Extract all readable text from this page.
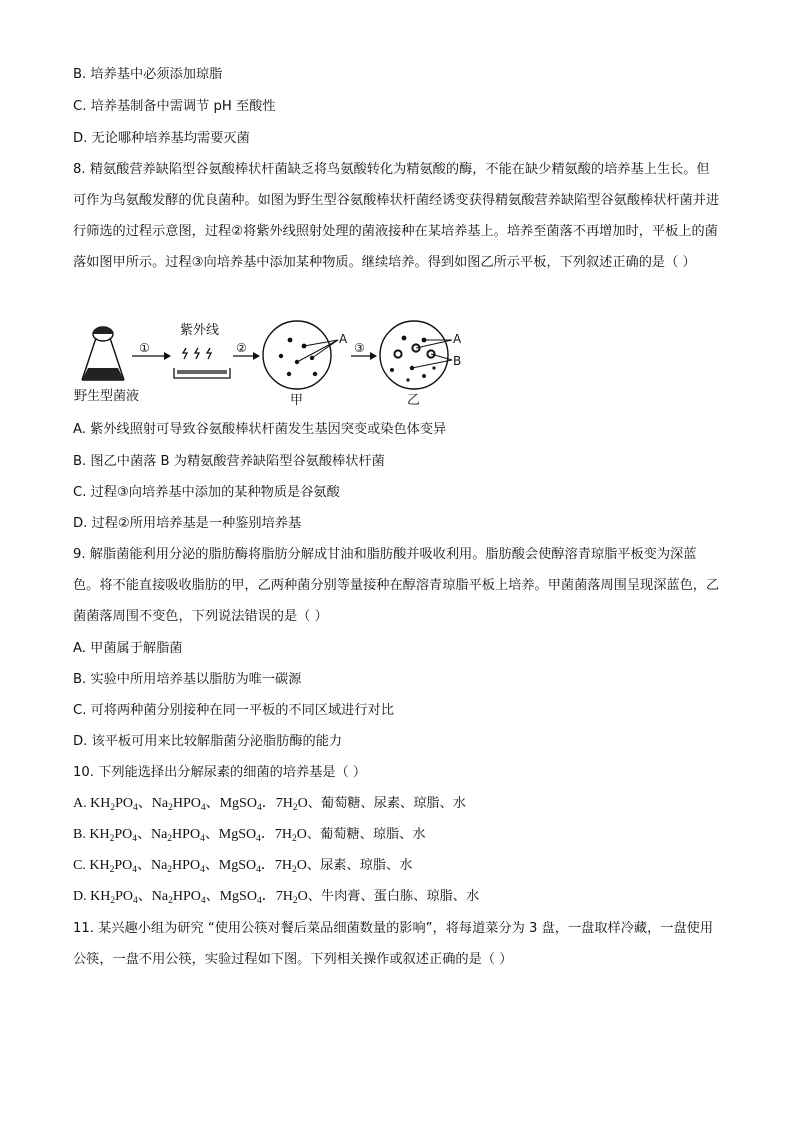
B. 培养基中必须添加琼脂
C. 培养基制备中需调节 pH 至酸性
D. 无论哪种培养基均需要灭菌
8. 精氨酸营养缺陷型谷氨酸棒状杆菌缺乏将鸟氨酸转化为精氨酸的酶，不能在缺少精氨酸的培养基上生长。但可作为鸟氨酸发酵的优良菌种。如图为野生型谷氨酸棒状杆菌经诱变获得精氨酸营养缺陷型谷氨酸棒状杆菌并进行筛选的过程示意图，过程②将紫外线照射处理的菌液接种在某培养基上。培养至菌落不再增加时，平板上的菌落如图甲所示。过程③向培养基中添加某种物质。继续培养。得到如图乙所示平板，下列叙述正确的是（ ）
野生型菌液
①
紫外线
②
A
甲
③
A
B
乙
A. 紫外线照射可导致谷氨酸棒状杆菌发生基因突变或染色体变异
B. 图乙中菌落 B 为精氨酸营养缺陷型谷氨酸棒状杆菌
C. 过程③向培养基中添加的某种物质是谷氨酸
D. 过程②所用培养基是一种鉴别培养基
9. 解脂菌能利用分泌的脂肪酶将脂肪分解成甘油和脂肪酸并吸收利用。脂肪酸会使醇溶青琼脂平板变为深蓝色。将不能直接吸收脂肪的甲，乙两种菌分别等量接种在醇溶青琼脂平板上培养。甲菌菌落周围呈现深蓝色，乙菌菌落周围不变色，下列说法错误的是（ ）
A. 甲菌属于解脂菌
B. 实验中所用培养基以脂肪为唯一碳源
C. 可将两种菌分别接种在同一平板的不同区域进行对比
D. 该平板可用来比较解脂菌分泌脂肪酶的能力
10. 下列能选择出分解尿素的细菌的培养基是（ ）
A. $KH_2PO_4$、$Na_2HPO_4$、MgSO$_4$．$7H_2O$、葡萄糖、尿素、琼脂、水
B. $KH_2PO_4$、$Na_2HPO_4$、MgSO$_4$．$7H_2O$、葡萄糖、琼脂、水
C. $KH_2PO_4$、$Na_2HPO_4$、MgSO$_4$．$7H_2O$、尿素、琼脂、水
D. $KH_2PO_4$、$Na_2HPO_4$、MgSO$_4$．$7H_2O$、牛肉膏、蛋白胨、琼脂、水
11. 某兴趣小组为研究 “使用公筷对餐后菜品细菌数量的影响”，将每道菜分为 3 盘，一盘取样冷藏，一盘使用公筷，一盘不用公筷，实验过程如下图。下列相关操作或叙述正确的是（ ）
